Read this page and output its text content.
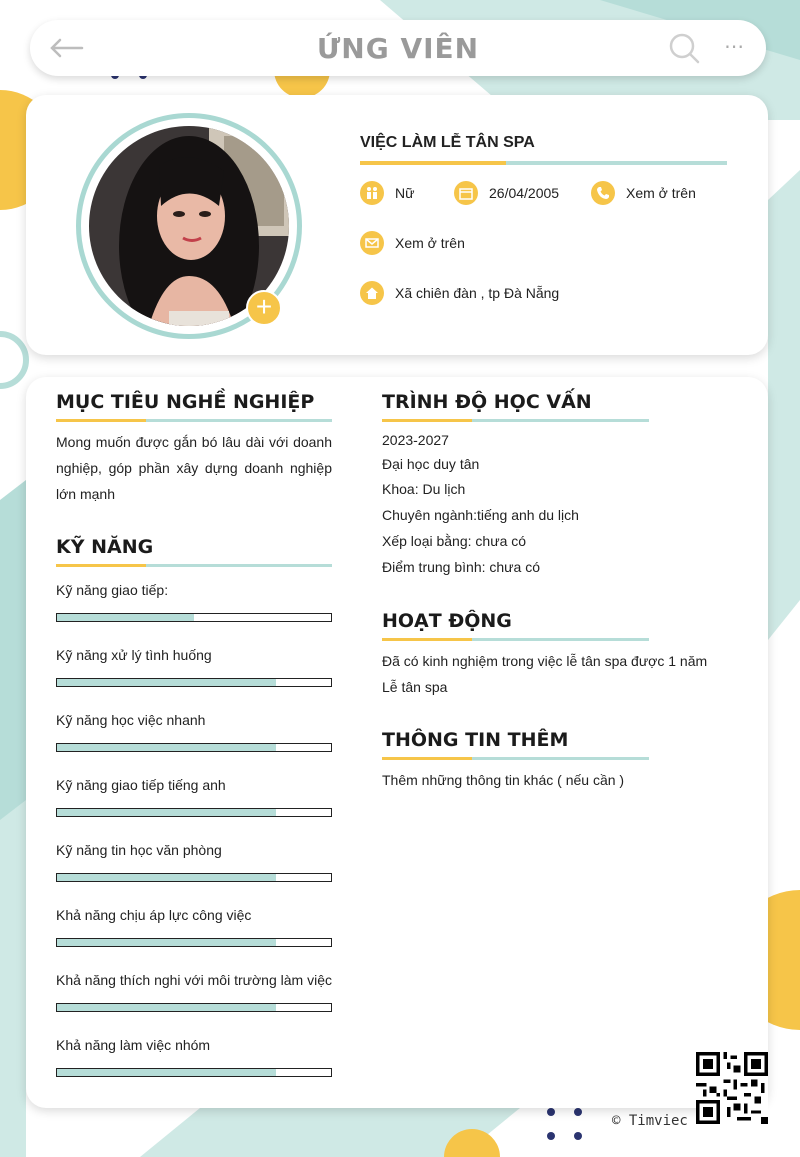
ỨNG VIÊN	⋯
+
VIỆC LÀM LỄ TÂN SPA
Nữ	26/04/2005	Xem ở trên
Xem ở trên
Xã chiên đàn , tp Đà Nẵng
MỤC TIÊU NGHỀ NGHIỆP
Mong muốn được gắn bó lâu dài với doanh nghiệp, góp phần xây dựng doanh nghiệp lớn mạnh
KỸ NĂNG
Kỹ năng giao tiếp:
Kỹ năng xử lý tình huống
Kỹ năng học việc nhanh
Kỹ năng giao tiếp tiếng anh
Kỹ năng tin học văn phòng
Khả năng chịu áp lực công việc
Khả năng thích nghi với môi trường làm việc
Khả năng làm việc nhóm
TRÌNH ĐỘ HỌC VẤN
2023-2027
Đại học duy tân
Khoa: Du lịch
Chuyên ngành:tiếng anh du lịch
Xếp loại bằng: chưa có
Điểm trung bình: chưa có
HOẠT ĐỘNG
Đã có kinh nghiệm trong việc lễ tân spa được 1 năm
Lễ tân spa
THÔNG TIN THÊM
Thêm những thông tin khác ( nếu cần )
© Timviec
